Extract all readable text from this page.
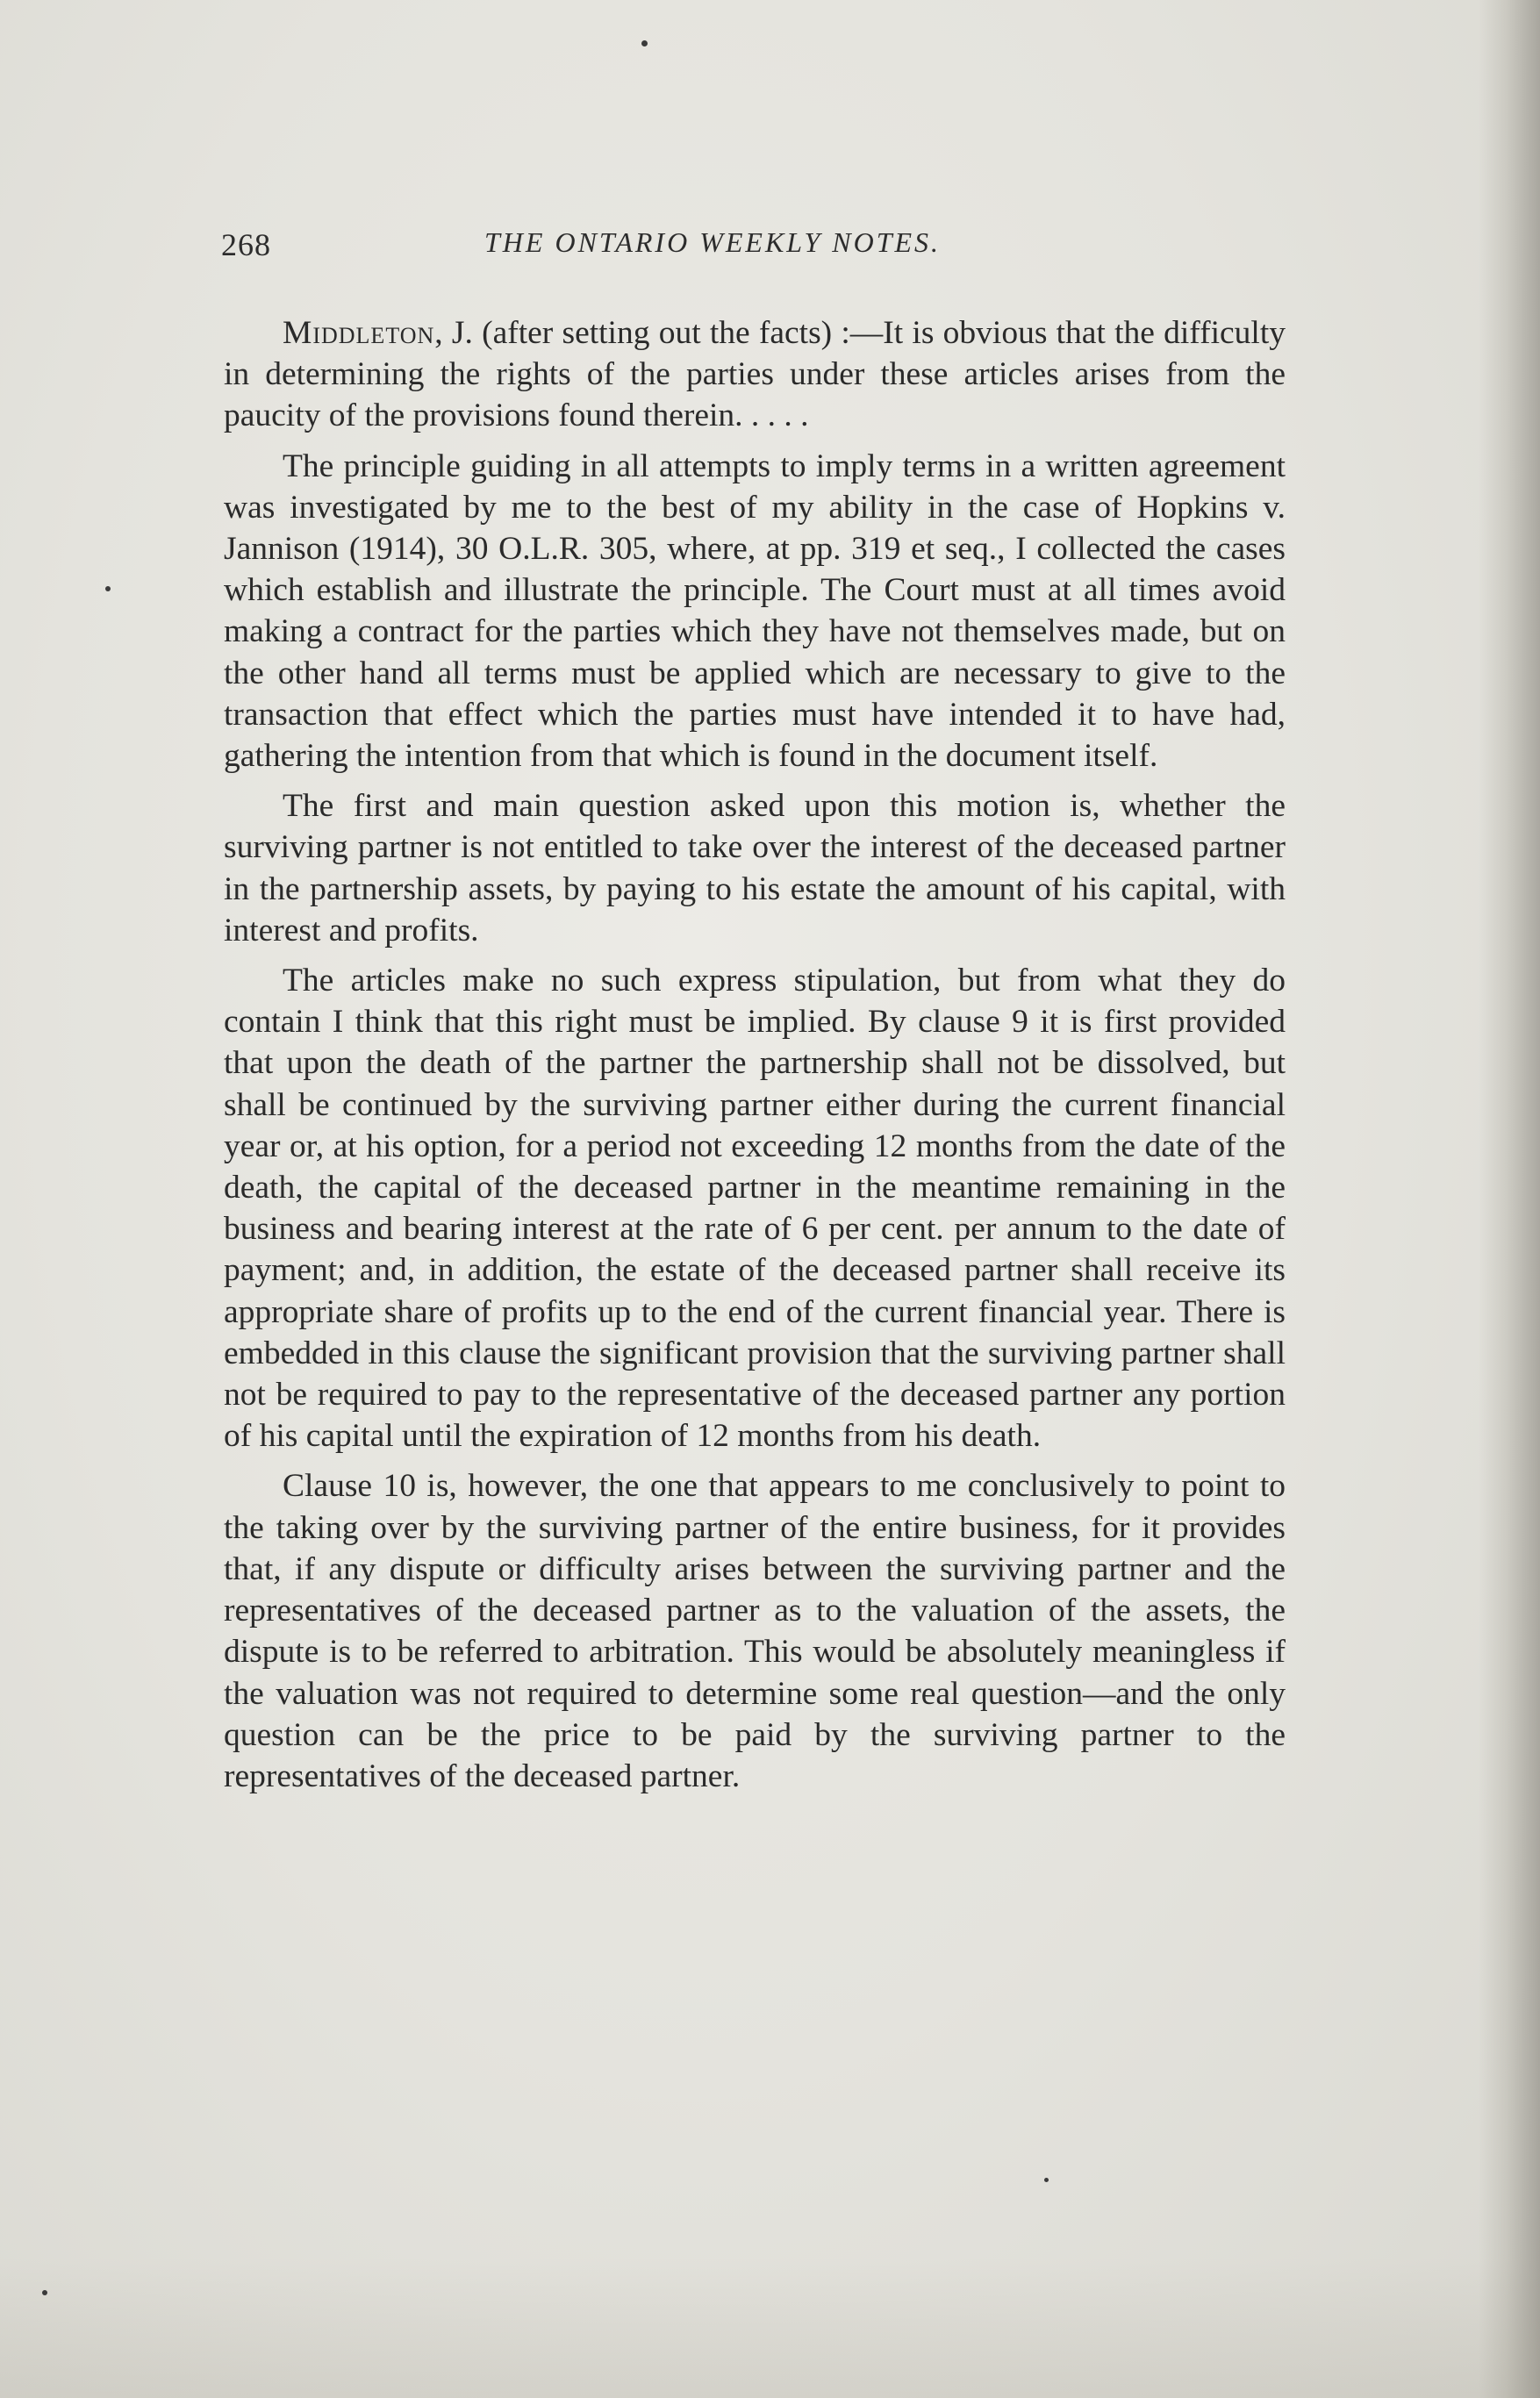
268	THE ONTARIO WEEKLY NOTES.

Middleton, J. (after setting out the facts) :—It is obvious that the difficulty in determining the rights of the parties under these articles arises from the paucity of the provisions found therein. . . . .

The principle guiding in all attempts to imply terms in a written agreement was investigated by me to the best of my ability in the case of Hopkins v. Jannison (1914), 30 O.L.R. 305, where, at pp. 319 et seq., I collected the cases which establish and illustrate the principle. The Court must at all times avoid making a contract for the parties which they have not themselves made, but on the other hand all terms must be applied which are necessary to give to the transaction that effect which the parties must have intended it to have had, gathering the intention from that which is found in the document itself.

The first and main question asked upon this motion is, whether the surviving partner is not entitled to take over the interest of the deceased partner in the partnership assets, by paying to his estate the amount of his capital, with interest and profits.

The articles make no such express stipulation, but from what they do contain I think that this right must be implied. By clause 9 it is first provided that upon the death of the partner the partnership shall not be dissolved, but shall be continued by the surviving partner either during the current financial year or, at his option, for a period not exceeding 12 months from the date of the death, the capital of the deceased partner in the meantime remaining in the business and bearing interest at the rate of 6 per cent. per annum to the date of payment; and, in addition, the estate of the deceased partner shall receive its appropriate share of profits up to the end of the current financial year. There is embedded in this clause the significant provision that the surviving partner shall not be required to pay to the representative of the deceased partner any portion of his capital until the expiration of 12 months from his death.

Clause 10 is, however, the one that appears to me conclusively to point to the taking over by the surviving partner of the entire business, for it provides that, if any dispute or difficulty arises between the surviving partner and the representatives of the deceased partner as to the valuation of the assets, the dispute is to be referred to arbitration. This would be absolutely meaningless if the valuation was not required to determine some real question—and the only question can be the price to be paid by the surviving partner to the representatives of the deceased partner.
